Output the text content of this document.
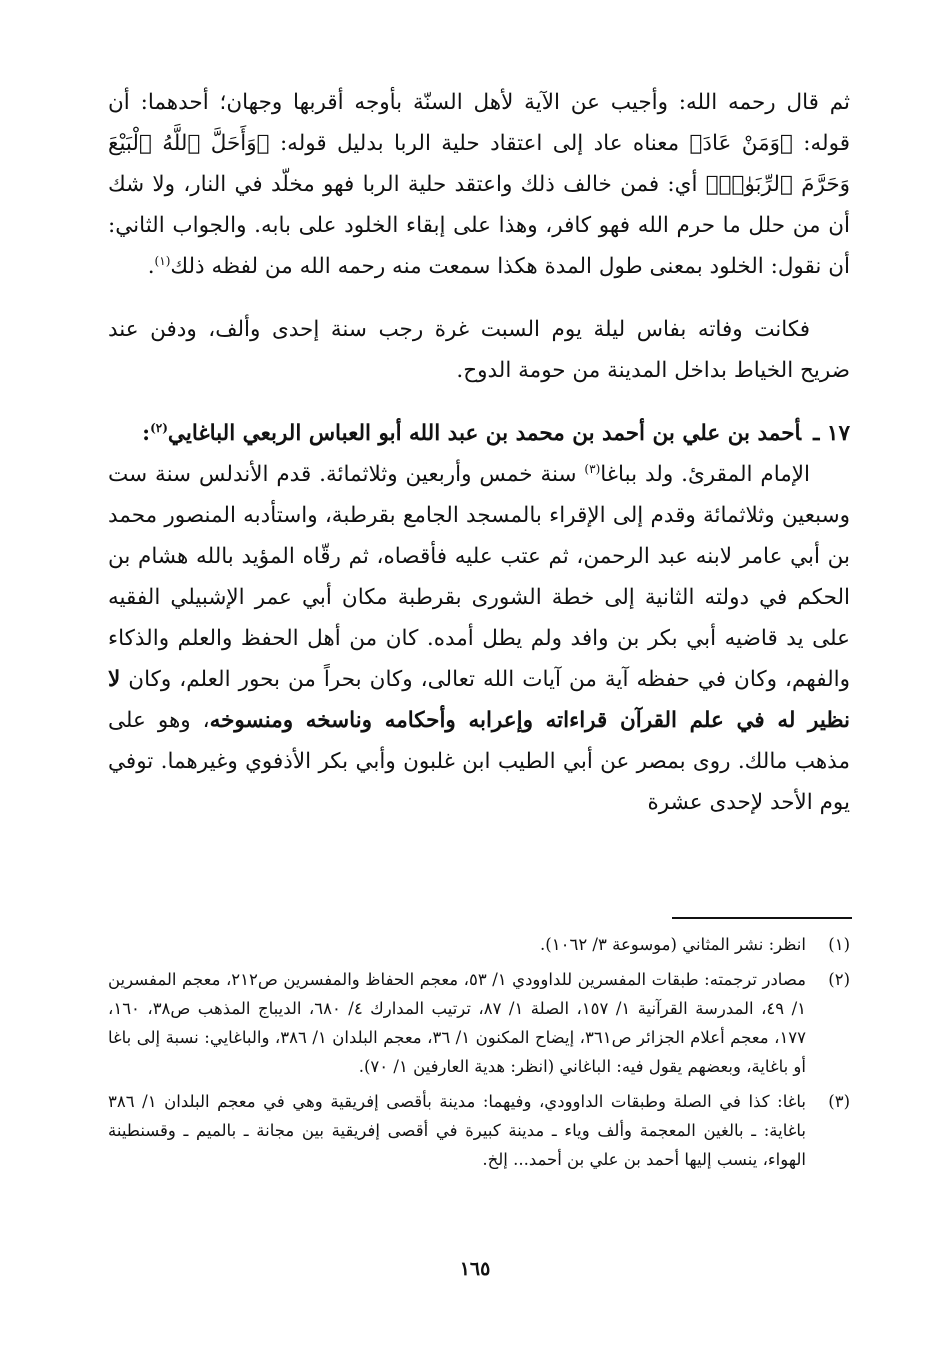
ثم قال رحمه الله: وأجيب عن الآية لأهل السنّة بأوجه أقربها وجهان؛ أحدهما: أن قوله: ﴿وَمَنْ عَادَ﴾ معناه عاد إلى اعتقاد حلية الربا بدليل قوله: ﴿وَأَحَلَّ ٱللَّهُ ٱلْبَيْعَ وَحَرَّمَ ٱلرِّبَوٰا۟﴾ أي: فمن خالف ذلك واعتقد حلية الربا فهو مخلّد في النار، ولا شك أن من حلل ما حرم الله فهو كافر، وهذا على إبقاء الخلود على بابه. والجواب الثاني: أن نقول: الخلود بمعنى طول المدة هكذا سمعت منه رحمه الله من لفظه ذلك$^{(١)}$.

فكانت وفاته بفاس ليلة يوم السبت غرة رجب سنة إحدى وألف، ودفن عند ضريح الخياط بداخل المدينة من حومة الدوح.

١٧ ـأحمد بن علي بن أحمد بن محمد بن عبد الله أبو العباس الربعي الباغايي$^{(٢)}$:

الإمام المقرئ. ولد بباغا$^{(٣)}$ سنة خمس وأربعين وثلاثمائة. قدم الأندلس سنة ست وسبعين وثلاثمائة وقدم إلى الإقراء بالمسجد الجامع بقرطبة، واستأدبه المنصور محمد بن أبي عامر لابنه عبد الرحمن، ثم عتب عليه فأقصاه، ثم رقّاه المؤيد بالله هشام بن الحكم في دولته الثانية إلى خطة الشورى بقرطبة مكان أبي عمر الإشبيلي الفقيه على يد قاضيه أبي بكر بن وافد ولم يطل أمده. كان من أهل الحفظ والعلم والذكاء والفهم، وكان في حفظه آية من آيات الله تعالى، وكان بحراً من بحور العلم، وكان لا نظير له في علم القرآن قراءاته وإعرابه وأحكامه وناسخه ومنسوخه، وهو على مذهب مالك. روى بمصر عن أبي الطيب ابن غلبون وأبي بكر الأذفوي وغيرهما. توفي يوم الأحد لإحدى عشرة

(١)
انظر: نشر المثاني (موسوعة ٣/ ١٠٦٢).
(٢)
مصادر ترجمته: طبقات المفسرين للداوودي ١/ ٥٣، معجم الحفاظ والمفسرين ص٢١٢، معجم المفسرين ١/ ٤٩، المدرسة القرآنية ١/ ١٥٧، الصلة ١/ ٨٧، ترتيب المدارك ٤/ ٦٨٠، الديباج المذهب ص٣٨، ١٦٠، ١٧٧، معجم أعلام الجزائر ص٣٦١، إيضاح المكنون ١/ ٣٦، معجم البلدان ١/ ٣٨٦، والباغايي: نسبة إلى باغا أو باغاية، وبعضهم يقول فيه: الباغاني (انظر: هدية العارفين ١/ ٧٠).
(٣)
باغا: كذا في الصلة وطبقات الداوودي، وفيهما: مدينة بأقصى إفريقية وهي في معجم البلدان ١/ ٣٨٦ باغاية: ـ بالغين المعجمة وألف وياء ـ مدينة كبيرة في أقصى إفريقية بين مجانة ـ بالميم ـ وقسنطينة الهواء، ينسب إليها أحمد بن علي بن أحمد... إلخ.
١٦٥
